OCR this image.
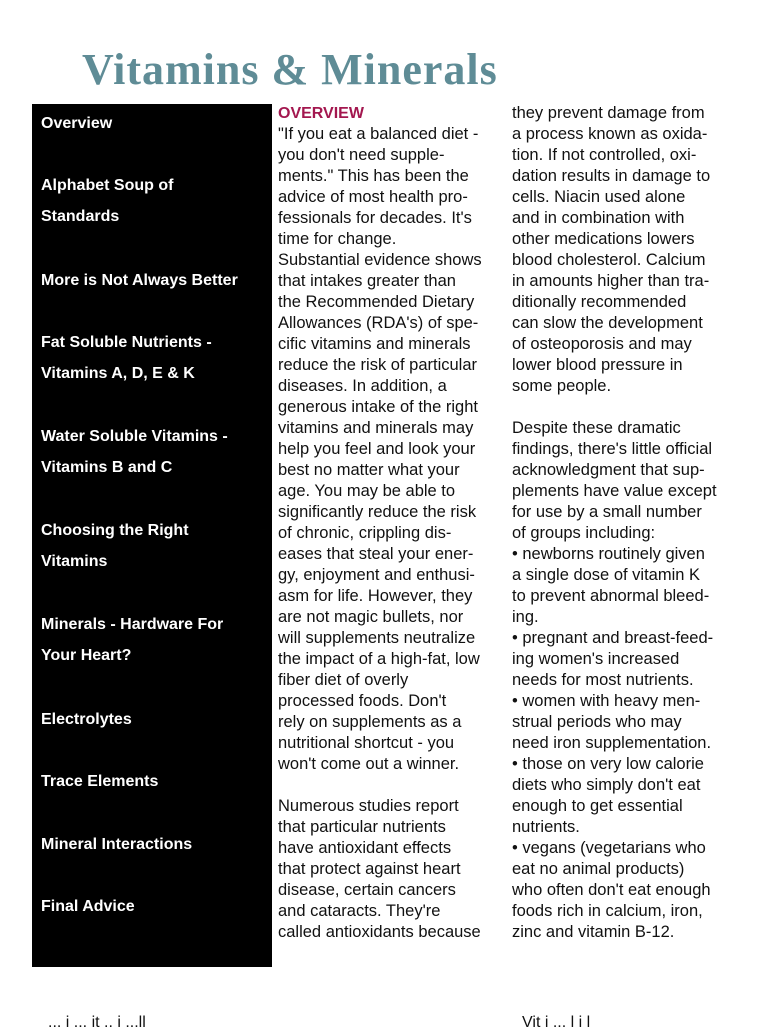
Vitamins & Minerals
Overview
Alphabet Soup of
Standards
More is Not Always Better
Fat Soluble Nutrients -
Vitamins A, D, E & K
Water Soluble Vitamins -
Vitamins B and C
Choosing the Right
Vitamins
Minerals - Hardware For
Your Heart?
Electrolytes
Trace Elements
Mineral Interactions
Final Advice
OVERVIEW

"If you eat a balanced diet -
you don't need supple-
ments." This has been the
advice of most health pro-
fessionals for decades. It's
time for change.
Substantial evidence shows
that intakes greater than
the Recommended Dietary
Allowances (RDA's) of spe-
cific vitamins and minerals
reduce the risk of particular
diseases. In addition, a
generous intake of the right
vitamins and minerals may
help you feel and look your
best no matter what your
age. You may be able to
significantly reduce the risk
of chronic, crippling dis-
eases that steal your ener-
gy, enjoyment and enthusi-
asm for life. However, they
are not magic bullets, nor
will supplements neutralize
the impact of a high-fat, low
fiber diet of overly
processed foods. Don't
rely on supplements as a
nutritional shortcut - you
won't come out a winner.

Numerous studies report
that particular nutrients
have antioxidant effects
that protect against heart
disease, certain cancers
and cataracts. They're
called antioxidants because

they prevent damage from
a process known as oxida-
tion. If not controlled, oxi-
dation results in damage to
cells. Niacin used alone
and in combination with
other medications lowers
blood cholesterol. Calcium
in amounts higher than tra-
ditionally recommended
can slow the development
of osteoporosis and may
lower blood pressure in
some people.

Despite these dramatic
findings, there's little official
acknowledgment that sup-
plements have value except
for use by a small number
of groups including:
• newborns routinely given
a single dose of vitamin K
to prevent abnormal bleed-
ing.
• pregnant and breast-feed-
ing women's increased
needs for most nutrients.
• women with heavy men-
strual periods who may
need iron supplementation.
• those on very low calorie
diets who simply don't eat
enough to get essential
nutrients.
• vegans (vegetarians who
eat no animal products)
who often don't eat enough
foods rich in calcium, iron,
zinc and vitamin B-12.

... i ... it .. i ...ll	Vit i ... l i l
